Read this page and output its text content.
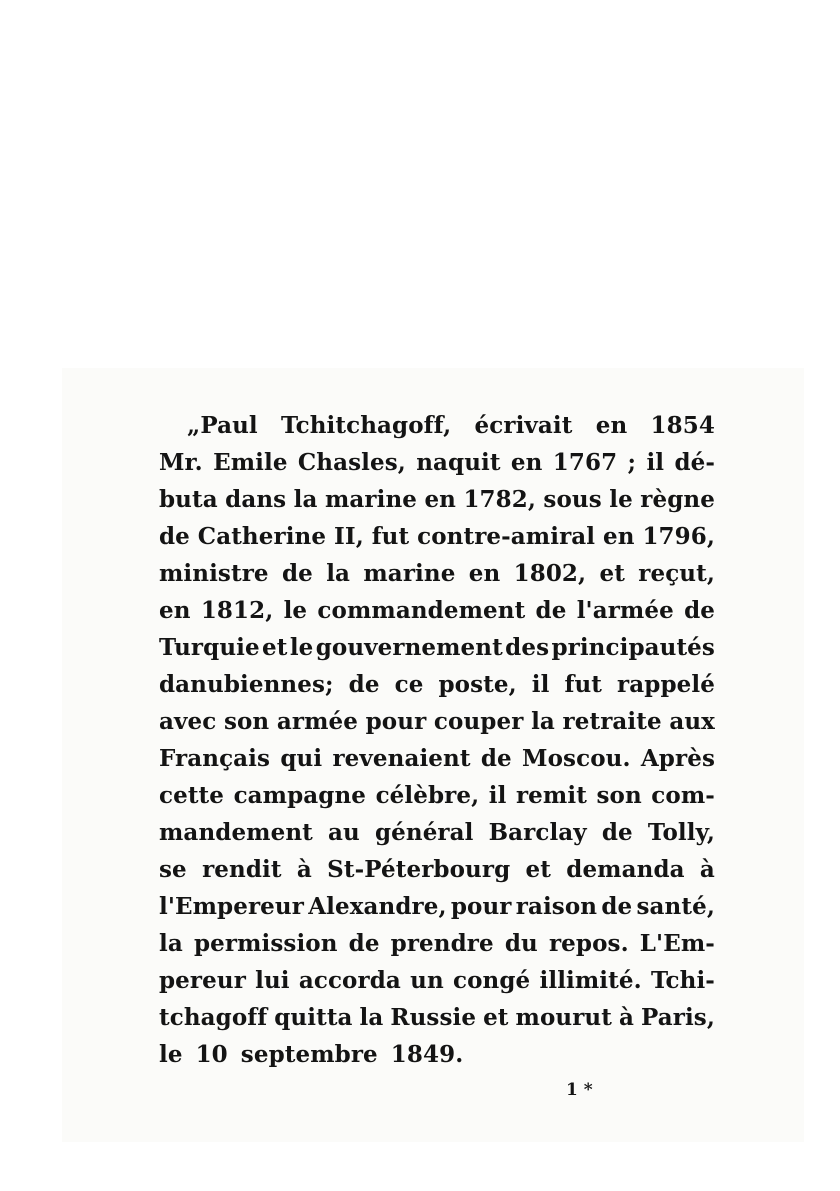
„Paul Tchitchagoff, écrivait en 1854
Mr. Emile Chasles, naquit en 1767 ; il dé-
buta dans la marine en 1782, sous le règne
de Catherine II, fut contre-amiral en 1796,
ministre de la marine en 1802, et reçut,
en 1812, le commandement de l'armée de
Turquie et le gouvernement des principautés
danubiennes; de ce poste, il fut rappelé
avec son armée pour couper la retraite aux
Français qui revenaient de Moscou. Après
cette campagne célèbre, il remit son com-
mandement au général Barclay de Tolly,
se rendit à St-Péterbourg et demanda à
l'Empereur Alexandre, pour raison de santé,
la permission de prendre du repos. L'Em-
pereur lui accorda un congé illimité. Tchi-
tchagoff quitta la Russie et mourut à Paris,
le 10 septembre 1849.
1 *
